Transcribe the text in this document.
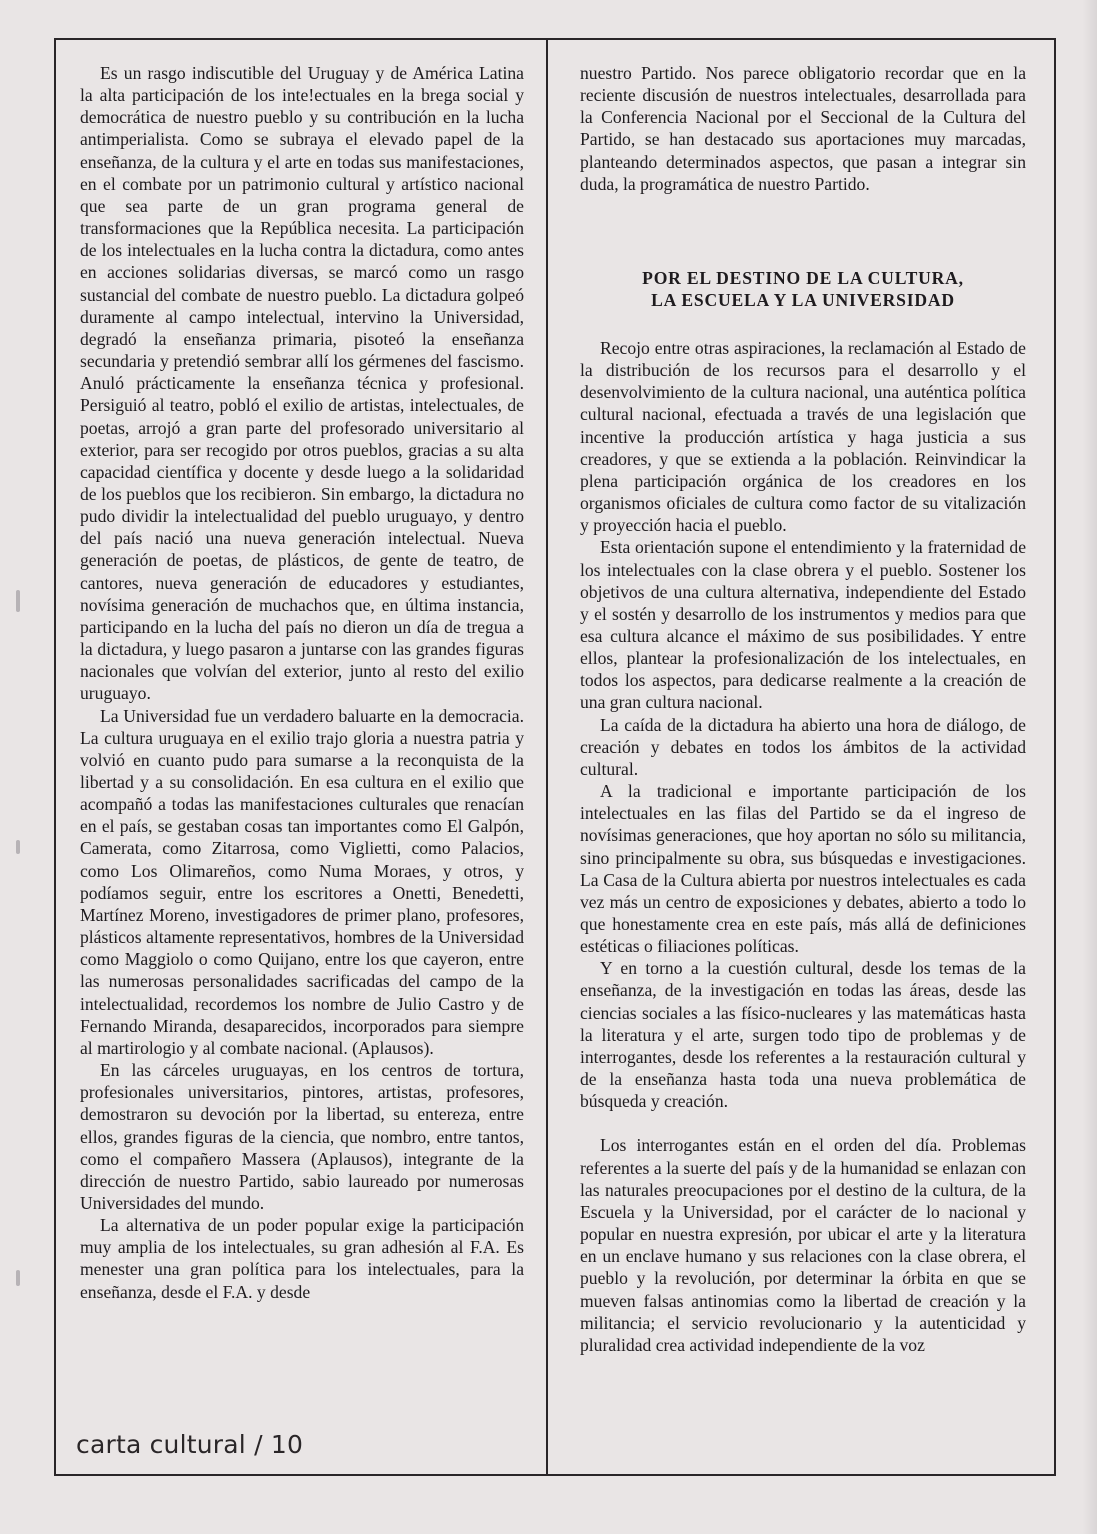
Es un rasgo indiscutible del Uruguay y de América Latina la alta participación de los inte!ectuales en la brega social y democrática de nuestro pueblo y su contribución en la lucha antimperialista. Como se subraya el elevado papel de la enseñanza, de la cultura y el arte en todas sus manifestaciones, en el combate por un patrimonio cultural y artístico nacional que sea parte de un gran programa general de transformaciones que la República necesita. La participación de los intelectuales en la lucha contra la dictadura, como antes en acciones solidarias diversas, se marcó como un rasgo sustancial del combate de nuestro pueblo. La dictadura golpeó duramente al campo intelectual, intervino la Universidad, degradó la enseñanza primaria, pisoteó la enseñanza secundaria y pretendió sembrar allí los gérmenes del fascismo. Anuló prácticamente la enseñanza técnica y profesional. Persiguió al teatro, pobló el exilio de artistas, intelectuales, de poetas, arrojó a gran parte del profesorado universitario al exterior, para ser recogido por otros pueblos, gracias a su alta capacidad científica y docente y desde luego a la solidaridad de los pueblos que los recibieron. Sin embargo, la dictadura no pudo dividir la intelectualidad del pueblo uruguayo, y dentro del país nació una nueva generación intelectual. Nueva generación de poetas, de plásticos, de gente de teatro, de cantores, nueva generación de educadores y estudiantes, novísima generación de muchachos que, en última instancia, participando en la lucha del país no dieron un día de tregua a la dictadura, y luego pasaron a juntarse con las grandes figuras nacionales que volvían del exterior, junto al resto del exilio uruguayo.

La Universidad fue un verdadero baluarte en la democracia. La cultura uruguaya en el exilio trajo gloria a nuestra patria y volvió en cuanto pudo para sumarse a la reconquista de la libertad y a su consolidación. En esa cultura en el exilio que acompañó a todas las manifestaciones culturales que renacían en el país, se gestaban cosas tan importantes como El Galpón, Camerata, como Zitarrosa, como Viglietti, como Palacios, como Los Olimareños, como Numa Moraes, y otros, y podíamos seguir, entre los escritores a Onetti, Benedetti, Martínez Moreno, investigadores de primer plano, profesores, plásticos altamente representativos, hombres de la Universidad como Maggiolo o como Quijano, entre los que cayeron, entre las numerosas personalidades sacrificadas del campo de la intelectualidad, recordemos los nombre de Julio Castro y de Fernando Miranda, desaparecidos, incorporados para siempre al martirologio y al combate nacional. (Aplausos).

En las cárceles uruguayas, en los centros de tortura, profesionales universitarios, pintores, artistas, profesores, demostraron su devoción por la libertad, su entereza, entre ellos, grandes figuras de la ciencia, que nombro, entre tantos, como el compañero Massera (Aplausos), integrante de la dirección de nuestro Partido, sabio laureado por numerosas Universidades del mundo.

La alternativa de un poder popular exige la participación muy amplia de los intelectuales, su gran adhesión al F.A. Es menester una gran política para los intelectuales, para la enseñanza, desde el F.A. y desde

nuestro Partido. Nos parece obligatorio recordar que en la reciente discusión de nuestros intelectuales, desarrollada para la Conferencia Nacional por el Seccional de la Cultura del Partido, se han destacado sus aportaciones muy marcadas, planteando determinados aspectos, que pasan a integrar sin duda, la programática de nuestro Partido.

POR EL DESTINO DE LA CULTURA,
LA ESCUELA Y LA UNIVERSIDAD

Recojo entre otras aspiraciones, la reclamación al Estado de la distribución de los recursos para el desarrollo y el desenvolvimiento de la cultura nacional, una auténtica política cultural nacional, efectuada a través de una legislación que incentive la producción artística y haga justicia a sus creadores, y que se extienda a la población. Reinvindicar la plena participación orgánica de los creadores en los organismos oficiales de cultura como factor de su vitalización y proyección hacia el pueblo.

Esta orientación supone el entendimiento y la fraternidad de los intelectuales con la clase obrera y el pueblo. Sostener los objetivos de una cultura alternativa, independiente del Estado y el sostén y desarrollo de los instrumentos y medios para que esa cultura alcance el máximo de sus posibilidades. Y entre ellos, plantear la profesionalización de los intelectuales, en todos los aspectos, para dedicarse realmente a la creación de una gran cultura nacional.

La caída de la dictadura ha abierto una hora de diálogo, de creación y debates en todos los ámbitos de la actividad cultural.

A la tradicional e importante participación de los intelectuales en las filas del Partido se da el ingreso de novísimas generaciones, que hoy aportan no sólo su militancia, sino principalmente su obra, sus búsquedas e investigaciones. La Casa de la Cultura abierta por nuestros intelectuales es cada vez más un centro de exposiciones y debates, abierto a todo lo que honestamente crea en este país, más allá de definiciones estéticas o filiaciones políticas.

Y en torno a la cuestión cultural, desde los temas de la enseñanza, de la investigación en todas las áreas, desde las ciencias sociales a las físico-nucleares y las matemáticas hasta la literatura y el arte, surgen todo tipo de problemas y de interrogantes, desde los referentes a la restauración cultural y de la enseñanza hasta toda una nueva problemática de búsqueda y creación.

Los interrogantes están en el orden del día. Problemas referentes a la suerte del país y de la humanidad se enlazan con las naturales preocupaciones por el destino de la cultura, de la Escuela y la Universidad, por el carácter de lo nacional y popular en nuestra expresión, por ubicar el arte y la literatura en un enclave humano y sus relaciones con la clase obrera, el pueblo y la revolución, por determinar la órbita en que se mueven falsas antinomias como la libertad de creación y la militancia; el servicio revolucionario y la autenticidad y pluralidad crea actividad independiente de la voz

carta cultural / 10
